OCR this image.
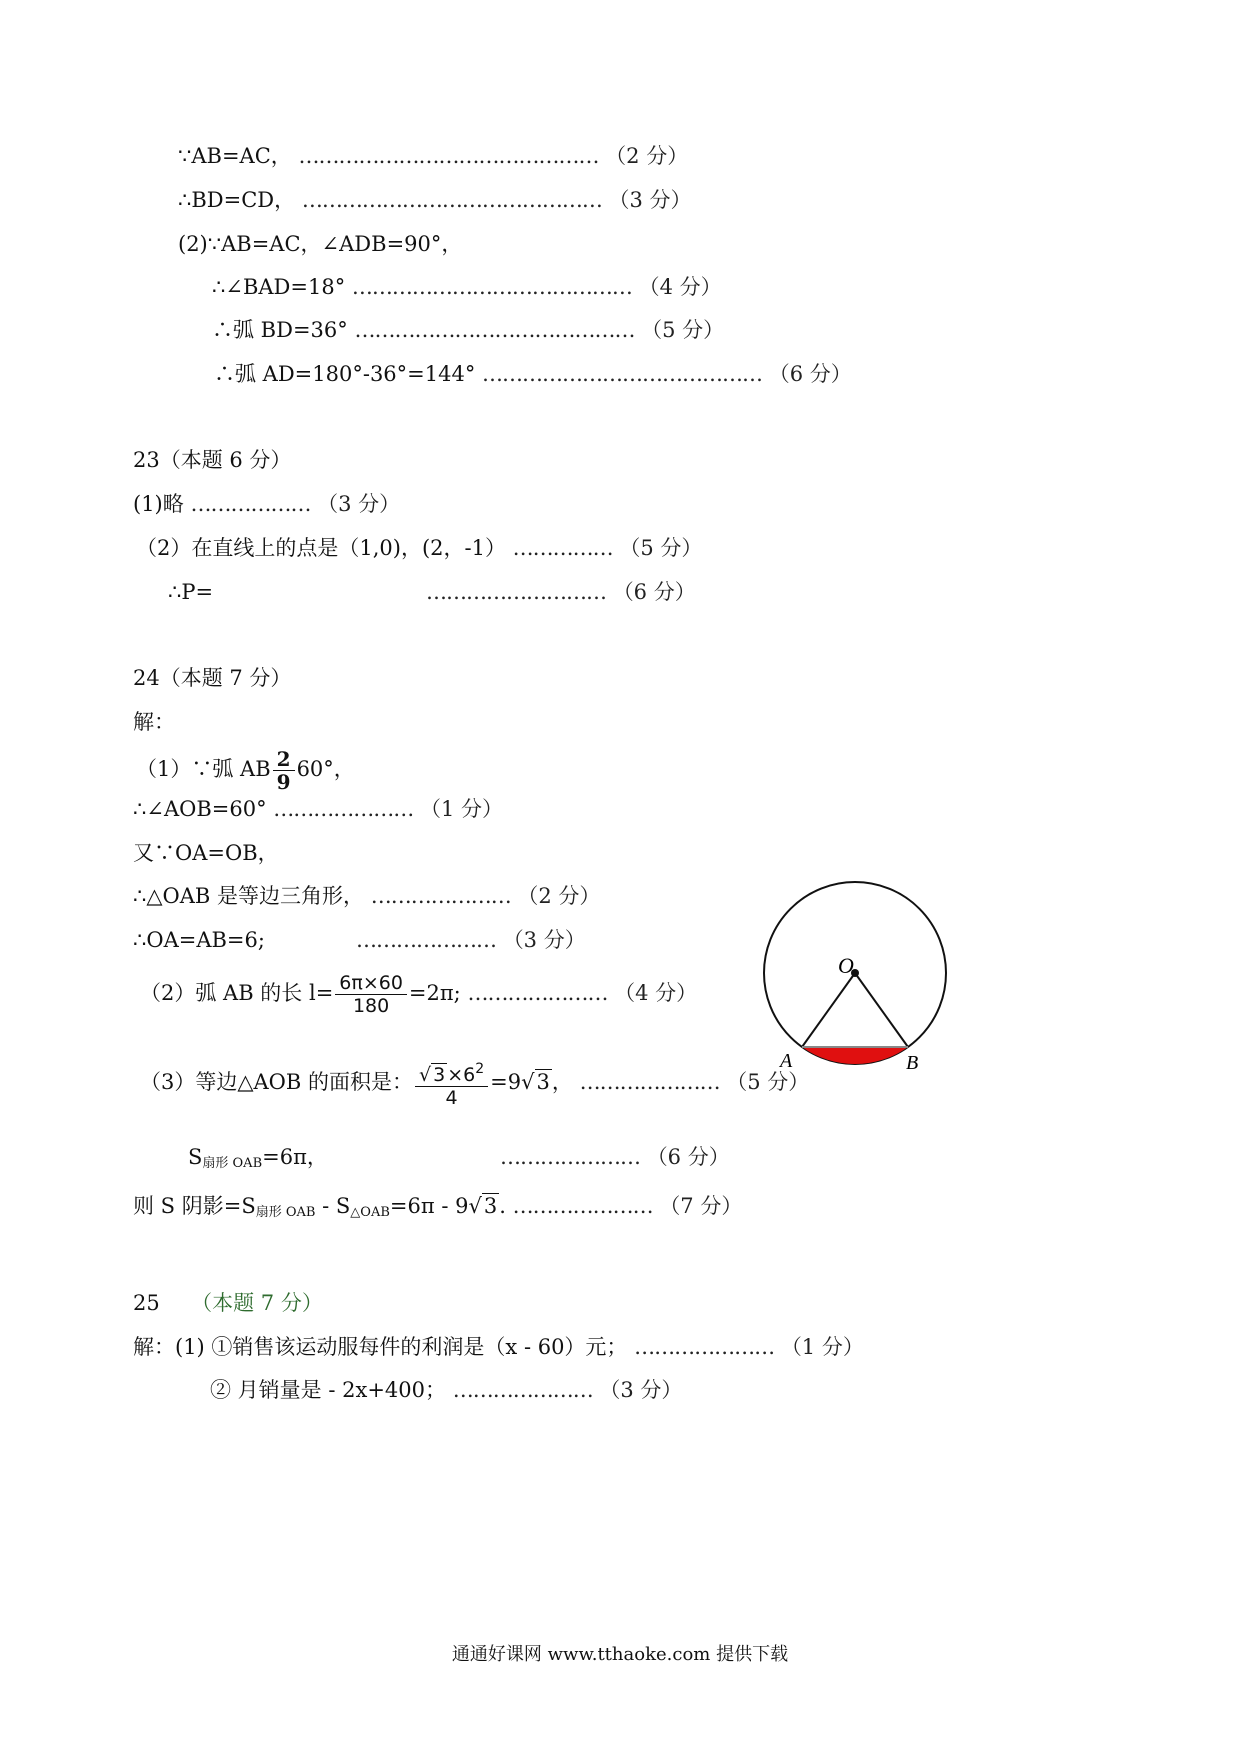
∵AB=AC， ……………………………………… （2 分）
∴BD=CD， ……………………………………… （3 分）
(2)∵AB=AC，∠ADB=90°，
∴∠BAD=18° …………………………………… （4 分）
∴弧 BD=36° …………………………………… （5 分）
∴弧 AD=180°-36°=144° …………………………………… （6 分）
23（本题 6 分）
(1)略 ……………… （3 分）
（2）在直线上的点是（1,0)，(2，-1） …………… （5 分）
∴P=	……………………… （6 分）
24（本题 7 分）
解：
（1）∵弧 AB $\frac{2}{9} 60^\circ$，
∴∠AOB=60° ………………… （1 分）
又∵OA=OB，
∴△OAB 是等边三角形， ………………… （2 分）
∴OA=AB=6;	………………… （3 分）
（2）弧 AB 的长 $l= \frac{6\pi\times 60}{180} =2\pi$; ………………… （4 分）
（3）等边△AOB 的面积是： $\frac{√ 3 \times 6^2}{4} =9√3$， ………………… （5 分）
$S_{扇形 OAB}=6\pi$，	………………… （6 分）
则 S 阴影$=S_{扇形 OAB} - S_{\triangle OAB}=6\pi - 9√3$. ………………… （7 分）
O
A	B
25 （本题 7 分）
解：(1) ①销售该运动服每件的利润是（x - 60）元； ………………… （1 分）
② 月销量是 - 2x+400； ………………… （3 分）
通通好课网 www.tthaoke.com 提供下载
